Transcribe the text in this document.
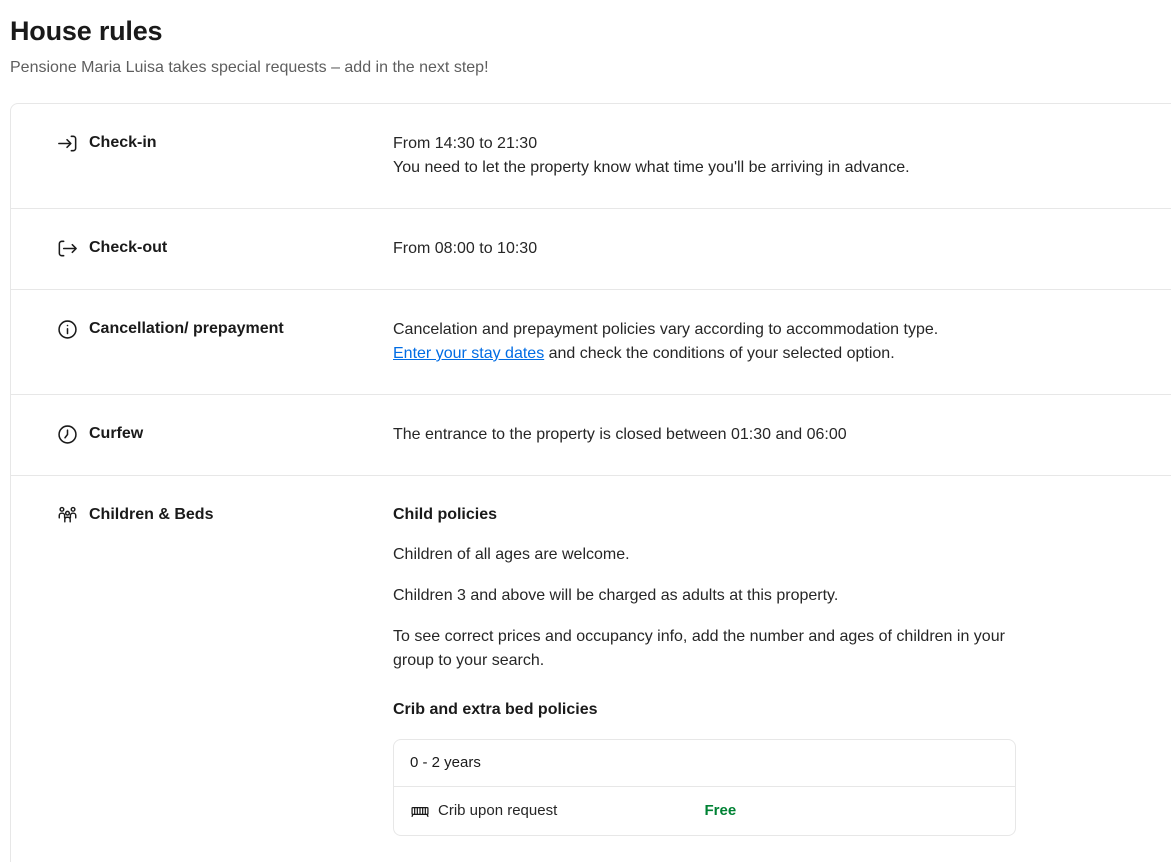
House rules
Pensione Maria Luisa takes special requests – add in the next step!
Check-in	From 14:30 to 21:30
You need to let the property know what time you'll be arriving in advance.
Check-out	From 08:00 to 10:30
Cancellation/ prepayment	Cancelation and prepayment policies vary according to accommodation type.
Enter your stay dates and check the conditions of your selected option.
Curfew	The entrance to the property is closed between 01:30 and 06:00
Children & Beds	Child policies
Children of all ages are welcome.
Children 3 and above will be charged as adults at this property.
To see correct prices and occupancy info, add the number and ages of children in your group to your search.
Crib and extra bed policies
0 - 2 years
Crib upon request	Free
